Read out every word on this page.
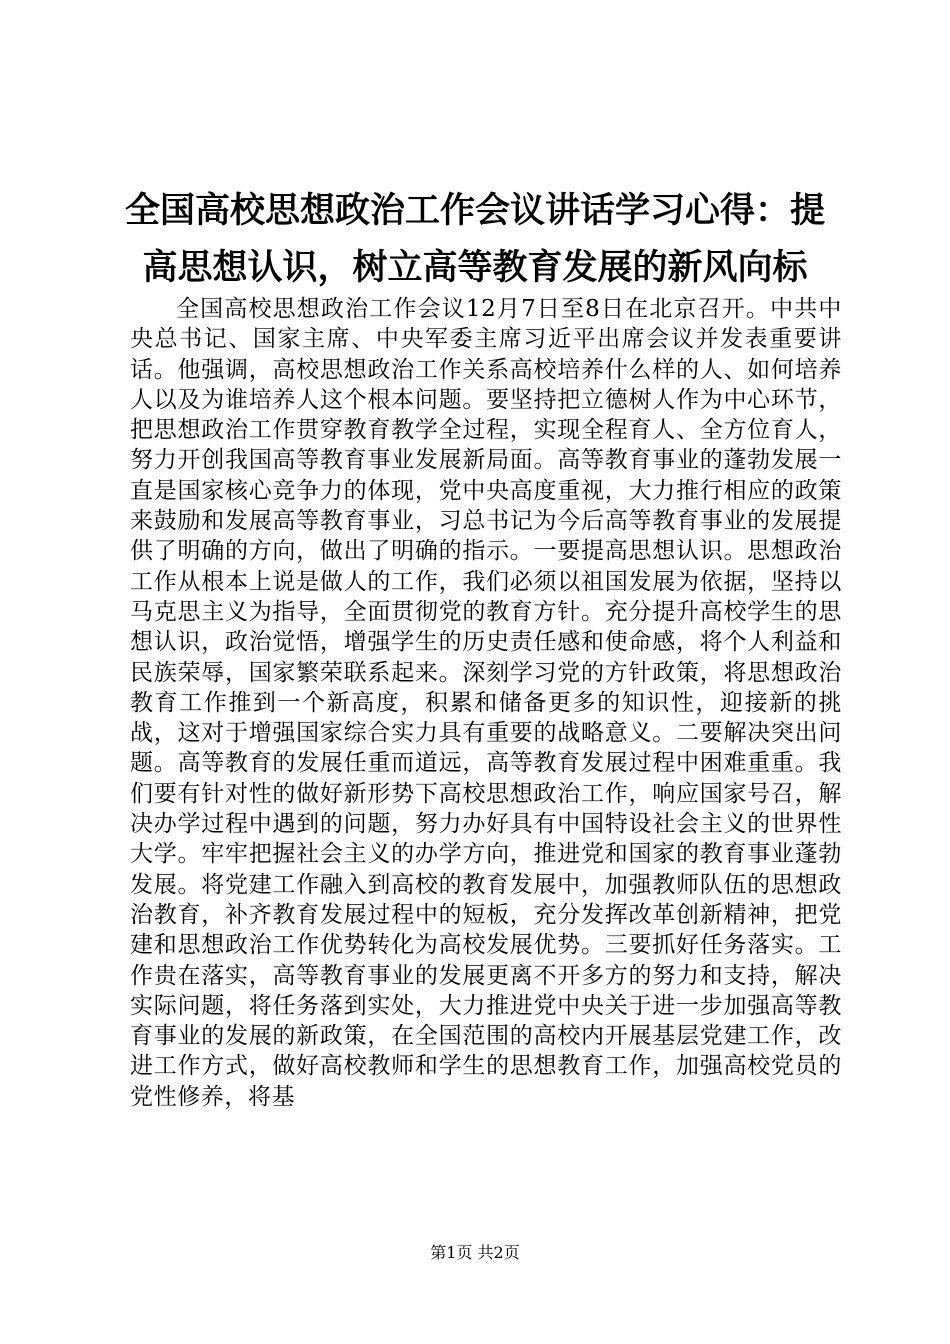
全国高校思想政治工作会议讲话学习心得：提高思想认识，树立高等教育发展的新风向标

全国高校思想政治工作会议12月7日至8日在北京召开。中共中央总书记、国家主席、中央军委主席习近平出席会议并发表重要讲话。他强调，高校思想政治工作关系高校培养什么样的人、如何培养人以及为谁培养人这个根本问题。要坚持把立德树人作为中心环节，把思想政治工作贯穿教育教学全过程，实现全程育人、全方位育人，努力开创我国高等教育事业发展新局面。高等教育事业的蓬勃发展一直是国家核心竞争力的体现，党中央高度重视，大力推行相应的政策来鼓励和发展高等教育事业，习总书记为今后高等教育事业的发展提供了明确的方向，做出了明确的指示。一要提高思想认识。思想政治工作从根本上说是做人的工作，我们必须以祖国发展为依据，坚持以马克思主义为指导，全面贯彻党的教育方针。充分提升高校学生的思想认识，政治觉悟，增强学生的历史责任感和使命感，将个人利益和民族荣辱，国家繁荣联系起来。深刻学习党的方针政策，将思想政治教育工作推到一个新高度，积累和储备更多的知识性，迎接新的挑战，这对于增强国家综合实力具有重要的战略意义。二要解决突出问题。高等教育的发展任重而道远，高等教育发展过程中困难重重。我们要有针对性的做好新形势下高校思想政治工作，响应国家号召，解决办学过程中遇到的问题，努力办好具有中国特设社会主义的世界性大学。牢牢把握社会主义的办学方向，推进党和国家的教育事业蓬勃发展。将党建工作融入到高校的教育发展中，加强教师队伍的思想政治教育，补齐教育发展过程中的短板，充分发挥改革创新精神，把党建和思想政治工作优势转化为高校发展优势。三要抓好任务落实。工作贵在落实，高等教育事业的发展更离不开多方的努力和支持，解决实际问题，将任务落到实处，大力推进党中央关于进一步加强高等教育事业的发展的新政策，在全国范围的高校内开展基层党建工作，改进工作方式，做好高校教师和学生的思想教育工作，加强高校党员的党性修养，将基

第1页 共2页
